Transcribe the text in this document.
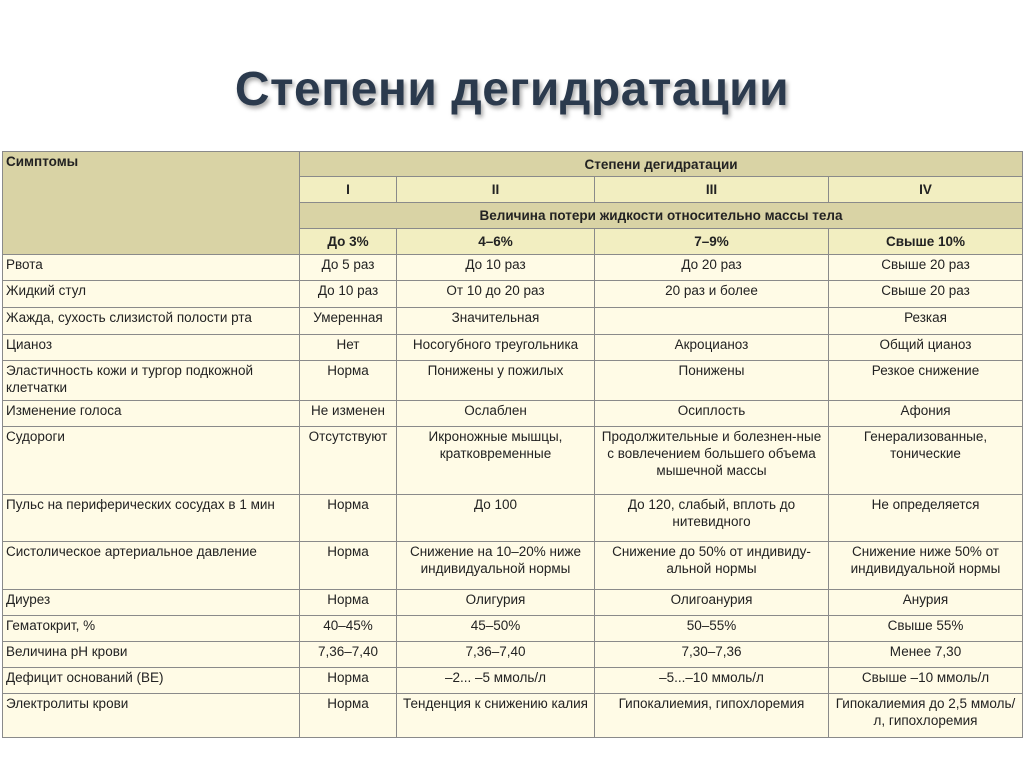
Степени дегидратации
Симптомы	Степени дегидратации			
	I	II	III	IV
	Величина потери жидкости относительно массы тела			
	До 3%	4–6%	7–9%	Свыше 10%
Рвота	До 5 раз	До 10 раз	До 20 раз	Свыше 20 раз
Жидкий стул	До 10 раз	От 10 до 20 раз	20 раз и более	Свыше 20 раз
Жажда, сухость слизистой полости рта	Умеренная	Значительная		Резкая
Цианоз	Нет	Носогубного треугольника	Акроцианоз	Общий цианоз
Эластичность кожи и тургор подкожной клетчатки	Норма	Понижены у пожилых	Понижены	Резкое снижение
Изменение голоса	Не изменен	Ослаблен	Осиплость	Афония
Судороги	Отсутствуют	Икроножные мышцы, кратковременные	Продолжительные и болезнен-ные с вовлечением большего объема мышечной массы	Генерализованные, тонические
Пульс на периферических сосудах в 1 мин	Норма	До 100	До 120, слабый, вплоть до нитевидного	Не определяется
Систолическое артериальное давление	Норма	Снижение на 10–20% ниже индивидуальной нормы	Снижение до 50% от индивиду-альной нормы	Снижение ниже 50% от индивидуальной нормы
Диурез	Норма	Олигурия	Олигоанурия	Анурия
Гематокрит, %	40–45%	45–50%	50–55%	Свыше 55%
Величина pH крови	7,36–7,40	7,36–7,40	7,30–7,36	Менее 7,30
Дефицит оснований (BE)	Норма	–2... –5 ммоль/л	–5...–10 ммоль/л	Свыше –10 ммоль/л
Электролиты крови	Норма	Тенденция к снижению калия	Гипокалиемия, гипохлоремия	Гипокалиемия до 2,5 ммоль/л, гипохлоремия
